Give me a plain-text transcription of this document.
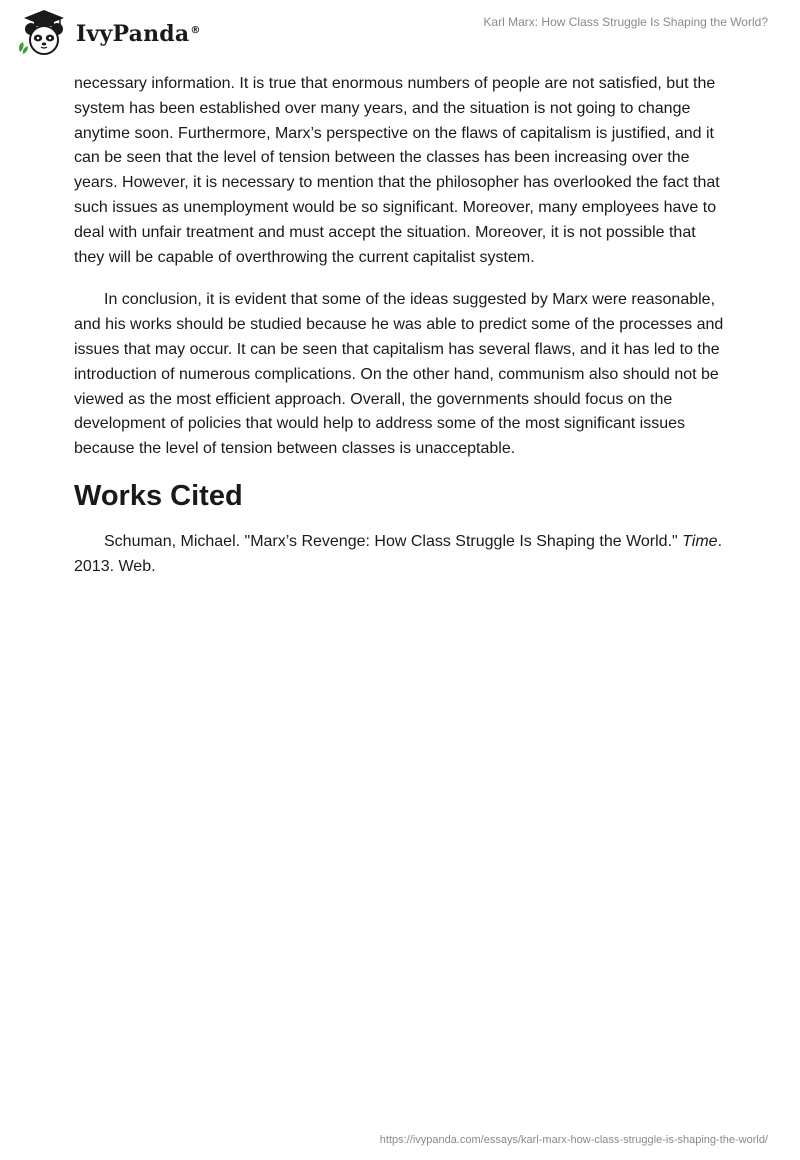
IvyPanda®
Karl Marx: How Class Struggle Is Shaping the World?

necessary information. It is true that enormous numbers of people are not satisfied, but the system has been established over many years, and the situation is not going to change anytime soon. Furthermore, Marx’s perspective on the flaws of capitalism is justified, and it can be seen that the level of tension between the classes has been increasing over the years. However, it is necessary to mention that the philosopher has overlooked the fact that such issues as unemployment would be so significant. Moreover, many employees have to deal with unfair treatment and must accept the situation. Moreover, it is not possible that they will be capable of overthrowing the current capitalist system.

In conclusion, it is evident that some of the ideas suggested by Marx were reasonable, and his works should be studied because he was able to predict some of the processes and issues that may occur. It can be seen that capitalism has several flaws, and it has led to the introduction of numerous complications. On the other hand, communism also should not be viewed as the most efficient approach. Overall, the governments should focus on the development of policies that would help to address some of the most significant issues because the level of tension between classes is unacceptable.

Works Cited

Schuman, Michael. "Marx’s Revenge: How Class Struggle Is Shaping the World." Time. 2013. Web.

https://ivypanda.com/essays/karl-marx-how-class-struggle-is-shaping-the-world/
